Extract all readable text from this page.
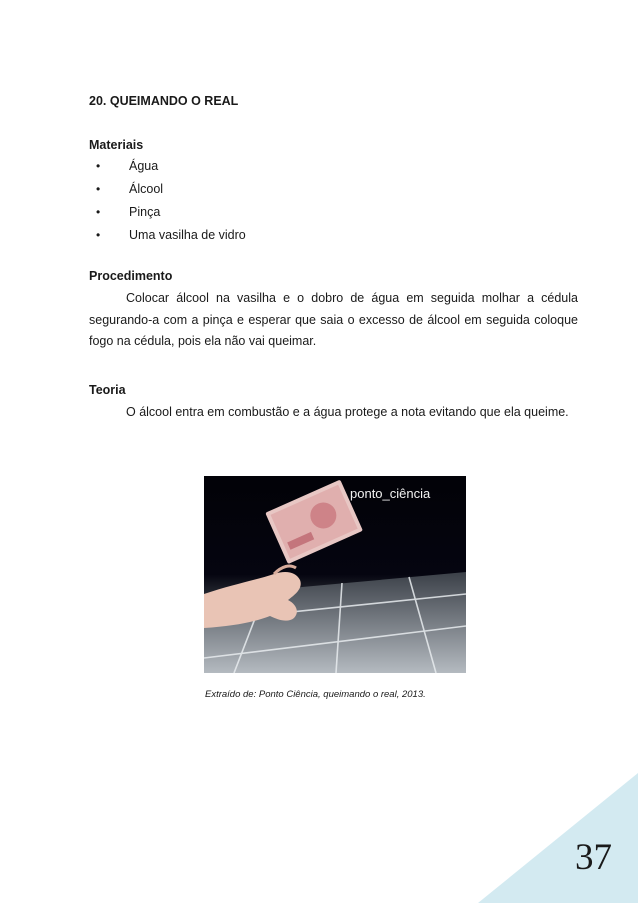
20. QUEIMANDO O REAL
Materiais
• Água
• Álcool
• Pinça
• Uma vasilha de vidro
Procedimento

Colocar álcool na vasilha e o dobro de água em seguida molhar a cédula segurando-a com a pinça e esperar que saia o excesso de álcool em seguida coloque fogo na cédula, pois ela não vai queimar.

Teoria

O álcool entra em combustão e a água protege a nota evitando que ela queime.

ponto_ciência
Extraído de: Ponto Ciência, queimando o real, 2013.
37
